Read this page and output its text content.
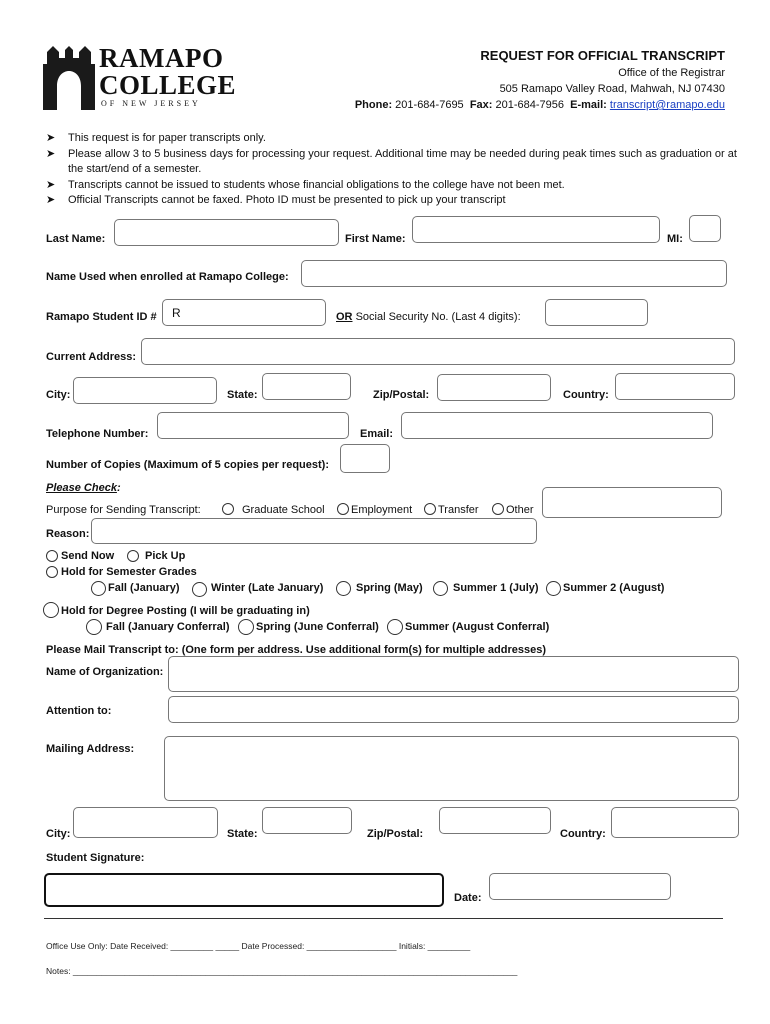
RAMAPO
COLLEGE
OF NEW JERSEY
REQUEST FOR OFFICIAL TRANSCRIPT
Office of the Registrar
505 Ramapo Valley Road, Mahwah, NJ 07430
Phone: 201-684-7695 Fax: 201-684-7956 E-mail: transcript@ramapo.edu
➤ This request is for paper transcripts only.
➤ Please allow 3 to 5 business days for processing your request. Additional time may be needed during peak times such as graduation or at the start/end of a semester.
➤ Transcripts cannot be issued to students whose financial obligations to the college have not been met.
➤ Official Transcripts cannot be faxed. Photo ID must be presented to pick up your transcript
Last Name:	First Name:	MI:
Name Used when enrolled at Ramapo College:
Ramapo Student ID # R	OR Social Security No. (Last 4 digits):
Current Address:
City:	State:	Zip/Postal:	Country:
Telephone Number:	Email:
Number of Copies (Maximum of 5 copies per request):
Please Check:
Purpose for Sending Transcript:	Graduate School Employment Transfer Other
Reason:
Send Now	Pick Up
Hold for Semester Grades
Fall (January)	Winter (Late January)	Spring (May)	Summer 1 (July) Summer 2 (August)
Hold for Degree Posting (I will be graduating in)
Fall (January Conferral) Spring (June Conferral) Summer (August Conferral)
Please Mail Transcript to: (One form per address. Use additional form(s) for multiple addresses)
Name of Organization:
Attention to:
Mailing Address:
City:	State:	Zip/Postal:	Country:
Student Signature:
Date:
Office Use Only: Date Received: _________ _____ Date Processed: ___________________ Initials: _________
Notes: ______________________________________________________________________________________________
